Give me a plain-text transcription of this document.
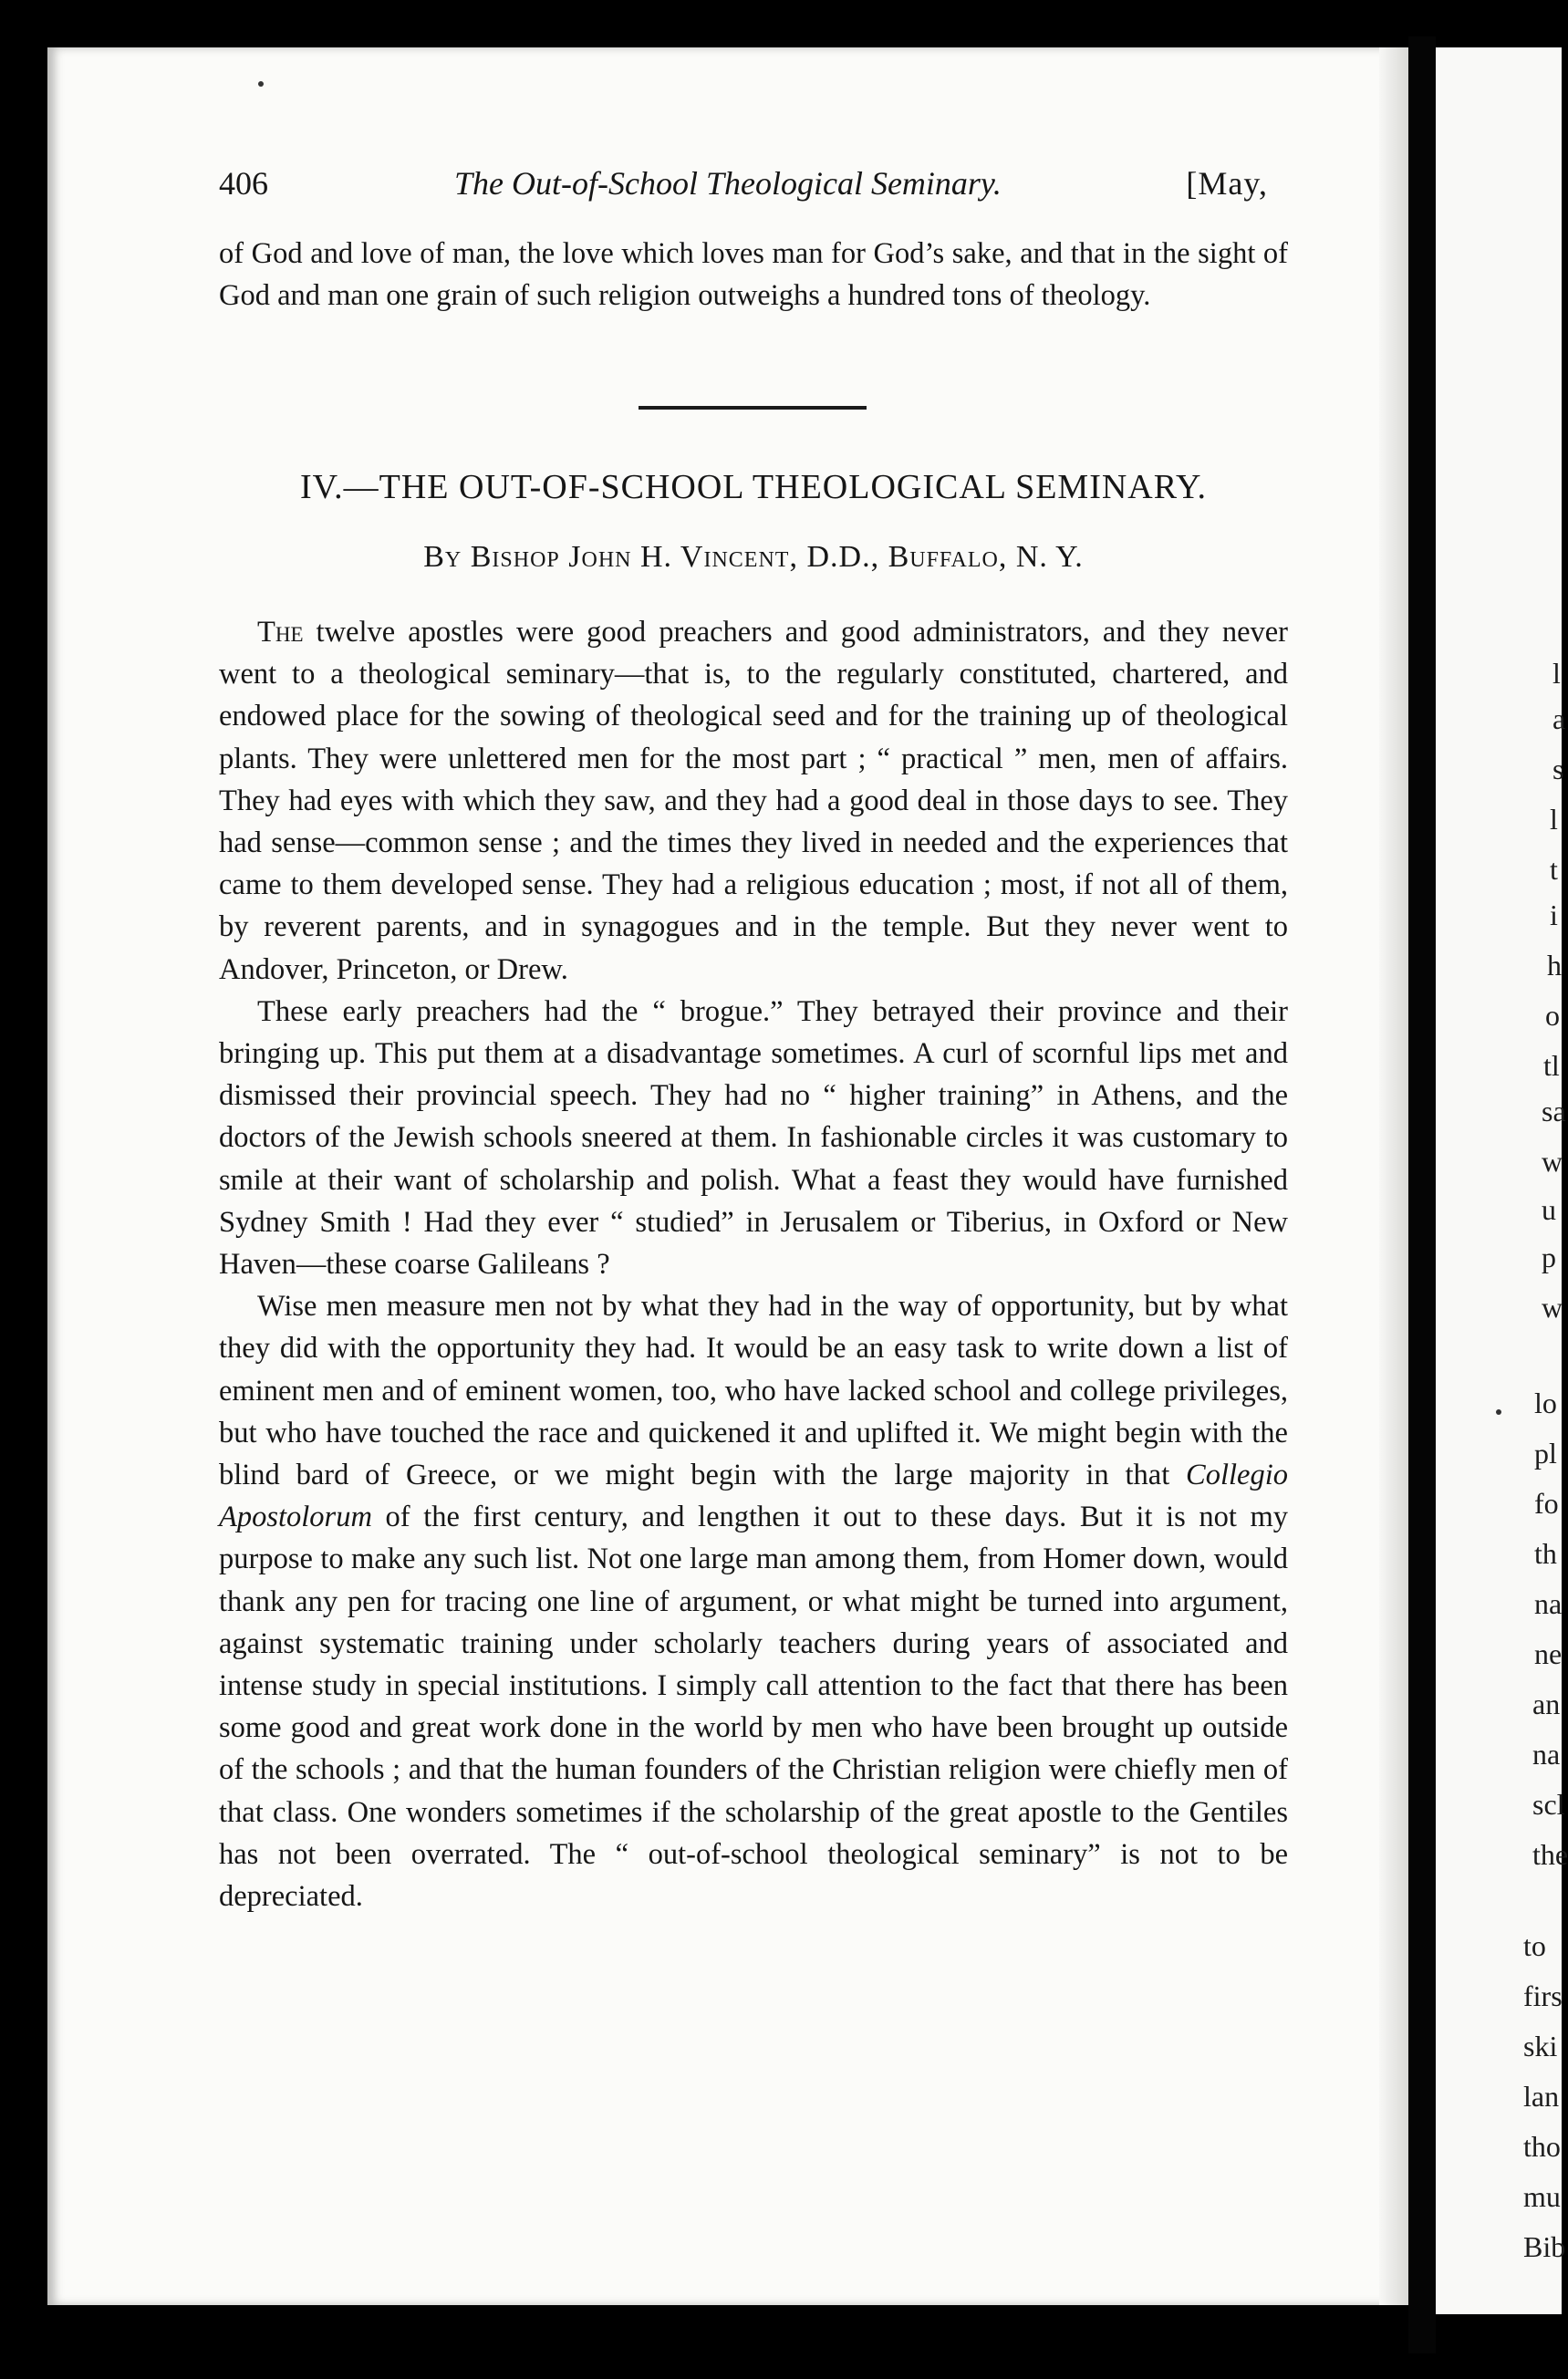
l
a
s
l
t
i
h
o
tl
sa
w
u
p
w
lo
pl
fo
th
na
ne
an
na
scl
the
to
firs
ski
lan
tho
mu
Bib
406	The Out-of-School Theological Seminary.	[May,

of God and love of man, the love which loves man for God’s sake, and that in the sight of God and man one grain of such religion outweighs a hundred tons of theology.

IV.—THE OUT-OF-SCHOOL THEOLOGICAL SEMINARY.

By Bishop John H. Vincent, D.D., Buffalo, N. Y.

The twelve apostles were good preachers and good administrators, and they never went to a theological seminary—that is, to the regularly constituted, chartered, and endowed place for the sowing of theological seed and for the training up of theological plants. They were unlettered men for the most part ; “ practical ” men, men of affairs. They had eyes with which they saw, and they had a good deal in those days to see. They had sense—common sense ; and the times they lived in needed and the experiences that came to them developed sense. They had a religious education ; most, if not all of them, by reverent parents, and in synagogues and in the temple. But they never went to Andover, Princeton, or Drew.

These early preachers had the “ brogue.” They betrayed their province and their bringing up. This put them at a disadvantage sometimes. A curl of scornful lips met and dismissed their provincial speech. They had no “ higher training” in Athens, and the doctors of the Jewish schools sneered at them. In fashionable circles it was customary to smile at their want of scholarship and polish. What a feast they would have furnished Sydney Smith ! Had they ever “ studied” in Jerusalem or Tiberius, in Oxford or New Haven—these coarse Galileans ?

Wise men measure men not by what they had in the way of opportunity, but by what they did with the opportunity they had. It would be an easy task to write down a list of eminent men and of eminent women, too, who have lacked school and college privileges, but who have touched the race and quickened it and uplifted it. We might begin with the blind bard of Greece, or we might begin with the large majority in that Collegio Apostolorum of the first century, and lengthen it out to these days. But it is not my purpose to make any such list. Not one large man among them, from Homer down, would thank any pen for tracing one line of argument, or what might be turned into argument, against systematic training under scholarly teachers during years of associated and intense study in special institutions. I simply call attention to the fact that there has been some good and great work done in the world by men who have been brought up outside of the schools ; and that the human founders of the Christian religion were chiefly men of that class. One wonders sometimes if the scholarship of the great apostle to the Gentiles has not been overrated. The “ out-of-school theological seminary” is not to be depreciated.
